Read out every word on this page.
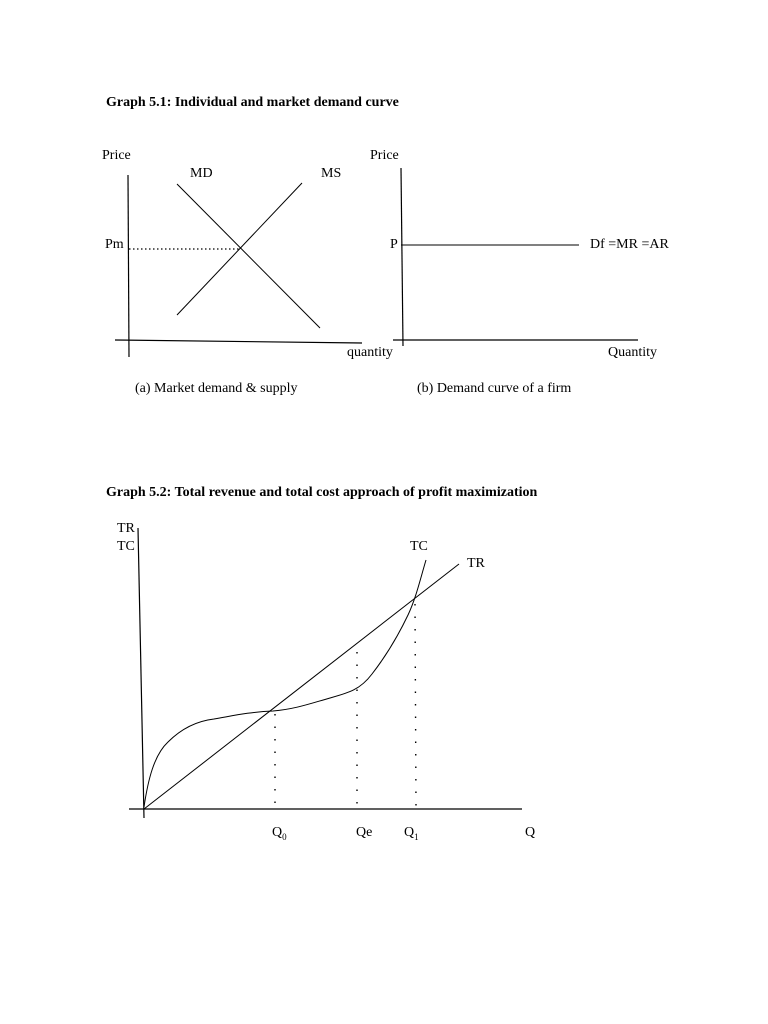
Graph 5.1: Individual and market demand curve
Price
MD	MS
Pm
quantity
(a) Market demand & supply
Price
P	Df =MR =AR
Quantity
(b) Demand curve of a firm
Graph 5.2: Total revenue and total cost approach of profit maximization
TR
TC	TC
TR
$Q_0$	Qe $Q_1$	Q
